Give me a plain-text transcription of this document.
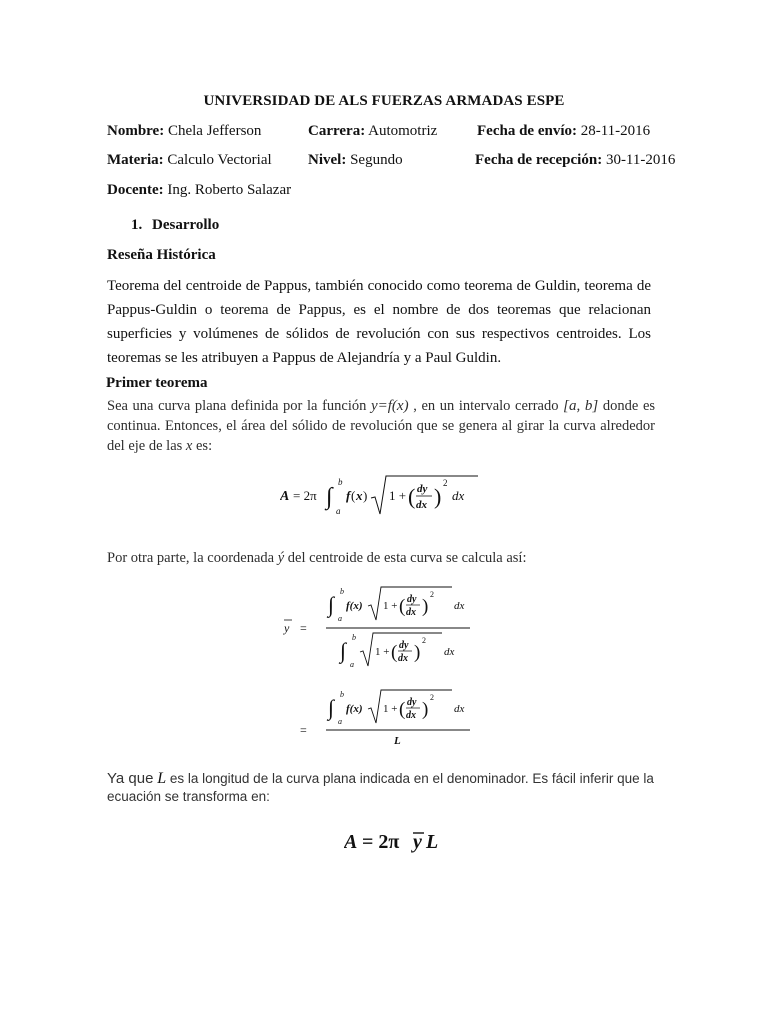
UNIVERSIDAD DE ALS FUERZAS ARMADAS ESPE
Nombre: Chela Jefferson	Carrera: Automotriz	Fecha de envío: 28-11-2016
Materia: Calculo Vectorial Nivel: Segundo	Fecha de recepción: 30-11-2016
Docente: Ing. Roberto Salazar
1. Desarrollo
Reseña Histórica
Teorema del centroide de Pappus, también conocido como teorema de Guldin, teorema de Pappus-Guldin o teorema de Pappus, es el nombre de dos teoremas que relacionan superficies y volúmenes de sólidos de revolución con sus respectivos centroides. Los teoremas se les atribuyen a Pappus de Alejandría y a Paul Guldin.
Primer teorema
Sea una curva plana definida por la función y=f(x) , en un intervalo cerrado [a, b] donde es continua. Entonces, el área del sólido de revolución que se genera al girar la curva alrededor del eje de las x es:
A = 2π ∫
b
a
f ( x ) 1 + ( dy
dx )
2
dx
Por otra parte, la coordenada ý del centroide de esta curva se calcula así:
y =
∫
b
a
f(x) 1 + ( dy
dx )
2
dx
∫
b
a
1 + ( dy
dx )
2
dx
=
∫
b
a
f(x) 1 + ( dy
dx )
2
dx
L
Ya que L es la longitud de la curva plana indicada en el denominador. Es fácil inferir que la ecuación se transforma en:
A = 2π y L
